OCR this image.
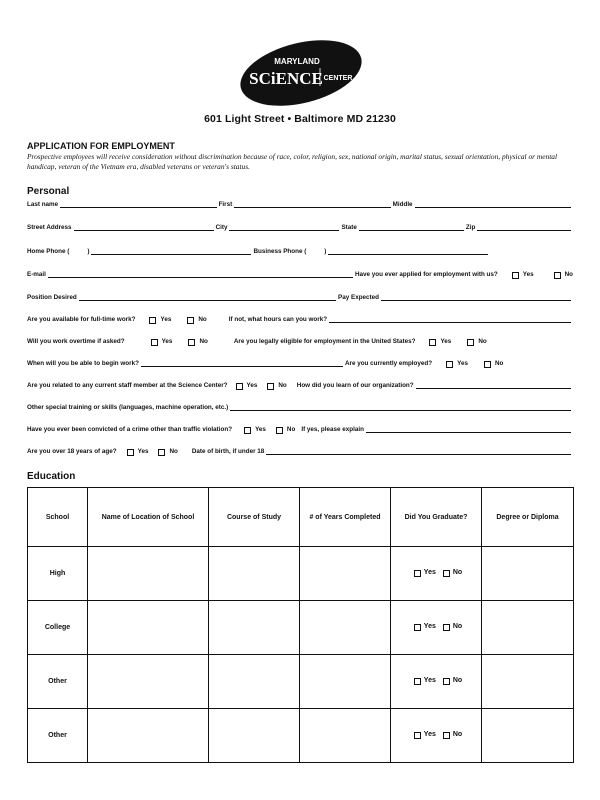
MARYLAND
SCiENCE CENTER
601 Light Street • Baltimore MD 21230
APPLICATION FOR EMPLOYMENT
Prospective employees will receive consideration without discrimination because of race, color, religion, sex, national origin, marital status, sexual orientation, physical or mental handicap, veteran of the Vietnam era, disabled veterans or veteran's status.
Personal
Last name	First	Middle
Street Address	City	State	Zip
Home Phone (	)	Business Phone (	)
E-mail	Have you ever applied for employment with us?	Yes	No
Position Desired	Pay Expected
Are you available for full-time work?	Yes	No	If not, what hours can you work?
Will you work overtime if asked?	Yes	No	Are you legally eligible for employment in the United States?	Yes	No
When will you be able to begin work?	Are you currently employed?	Yes	No
Are you related to any current staff member at the Science Center?	Yes	No How did you learn of our organization?
Other special training or skills (languages, machine operation, etc.)
Have you ever been convicted of a crime other than traffic violation?	Yes	No If yes, please explain
Are you over 18 years of age?	Yes	No Date of birth, if under 18
Education
School	Name of Location of School	Course of Study	# of Years Completed	Did You Graduate?	Degree or Diploma
High				Yes No	

College				Yes No	

Other				Yes No	

Other				Yes No	
